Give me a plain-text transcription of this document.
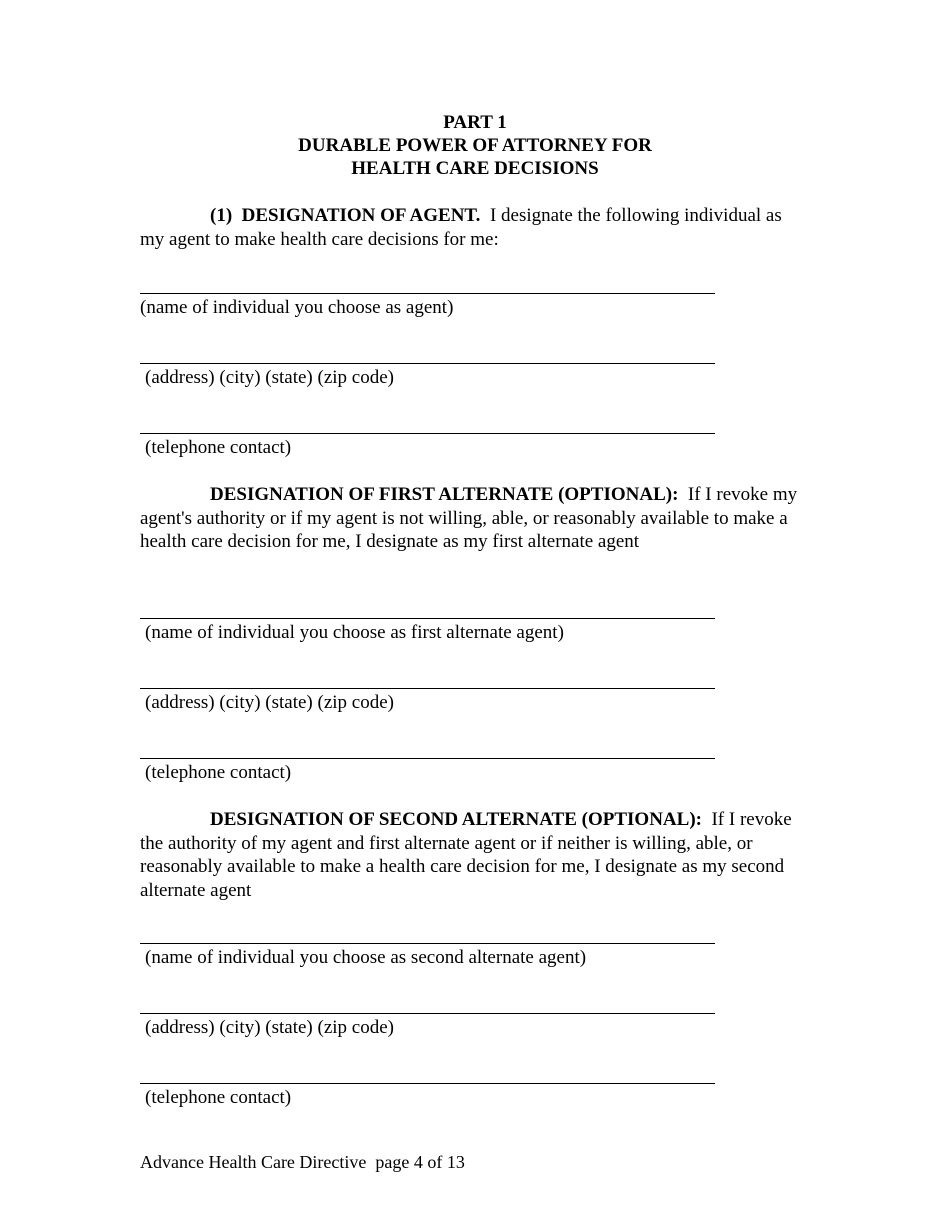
PART 1
DURABLE POWER OF ATTORNEY FOR
HEALTH CARE DECISIONS
(1) DESIGNATION OF AGENT. I designate the following individual as my agent to make health care decisions for me:
(name of individual you choose as agent)
(address) (city) (state) (zip code)
(telephone contact)
DESIGNATION OF FIRST ALTERNATE (OPTIONAL): If I revoke my agent's authority or if my agent is not willing, able, or reasonably available to make a health care decision for me, I designate as my first alternate agent
(name of individual you choose as first alternate agent)
(address) (city) (state) (zip code)
(telephone contact)
DESIGNATION OF SECOND ALTERNATE (OPTIONAL): If I revoke the authority of my agent and first alternate agent or if neither is willing, able, or reasonably available to make a health care decision for me, I designate as my second alternate agent
(name of individual you choose as second alternate agent)
(address) (city) (state) (zip code)
(telephone contact)
Advance Health Care Directive  page 4 of 13
